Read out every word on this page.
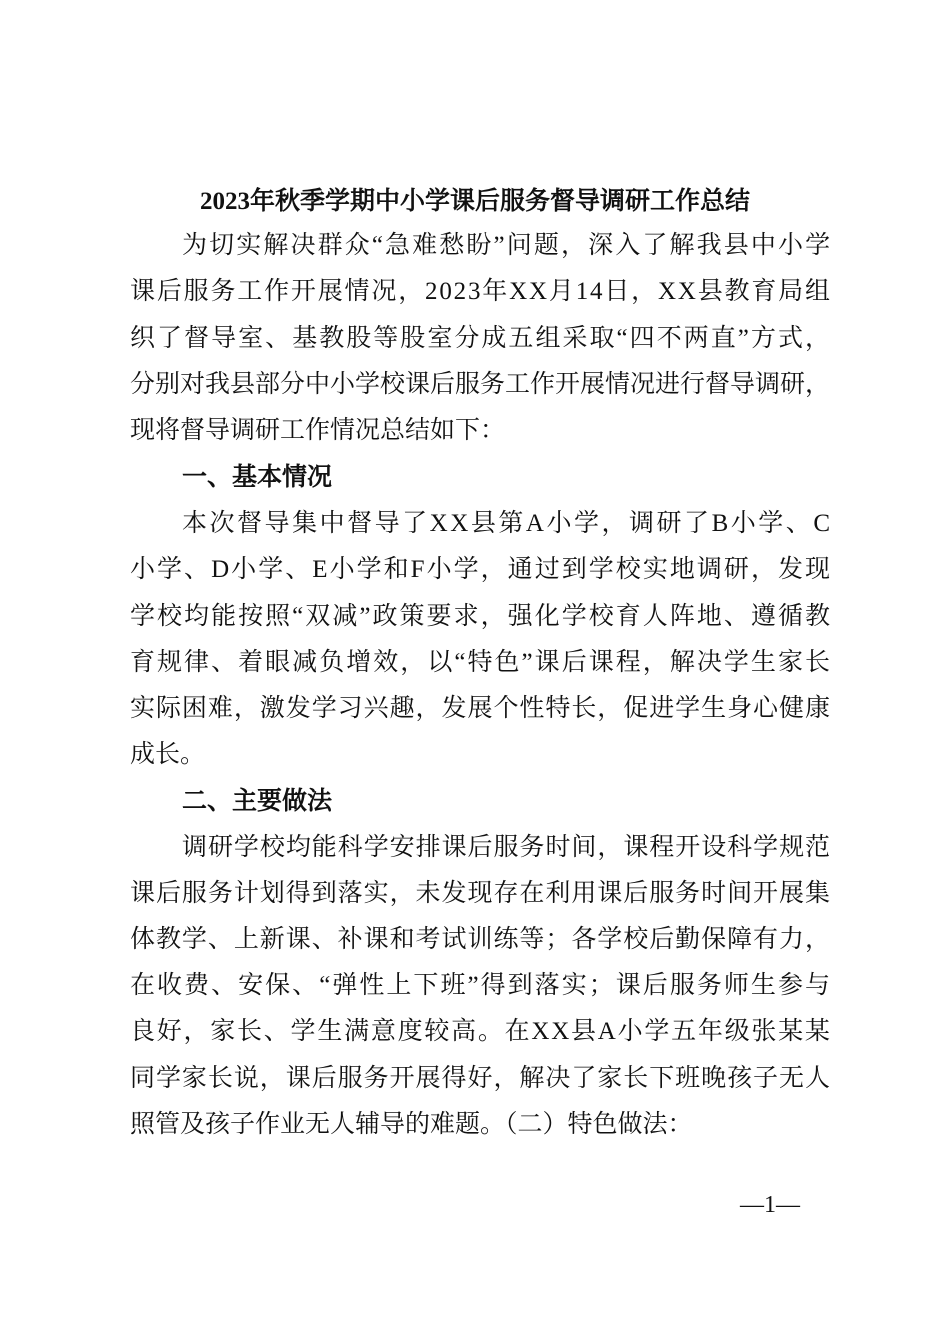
2023年秋季学期中小学课后服务督导调研工作总结
为切实解决群众“急难愁盼”问题，深入了解我县中小学
课后服务工作开展情况，2023年XX月14日，XX县教育局组
织了督导室、基教股等股室分成五组采取“四不两直”方式，
分别对我县部分中小学校课后服务工作开展情况进行督导调研，
现将督导调研工作情况总结如下：
一、基本情况
本次督导集中督导了XX县第A小学，调研了B小学、C
小学、D小学、E小学和F小学，通过到学校实地调研，发现
学校均能按照“双减”政策要求，强化学校育人阵地、遵循教
育规律、着眼减负增效，以“特色”课后课程，解决学生家长
实际困难，激发学习兴趣，发展个性特长，促进学生身心健康
成长。
二、主要做法
调研学校均能科学安排课后服务时间，课程开设科学规范
课后服务计划得到落实，未发现存在利用课后服务时间开展集
体教学、上新课、补课和考试训练等；各学校后勤保障有力，
在收费、安保、“弹性上下班”得到落实；课后服务师生参与
良好，家长、学生满意度较高。在XX县A小学五年级张某某
同学家长说，课后服务开展得好，解决了家长下班晚孩子无人
照管及孩子作业无人辅导的难题。（二）特色做法：
—1—
